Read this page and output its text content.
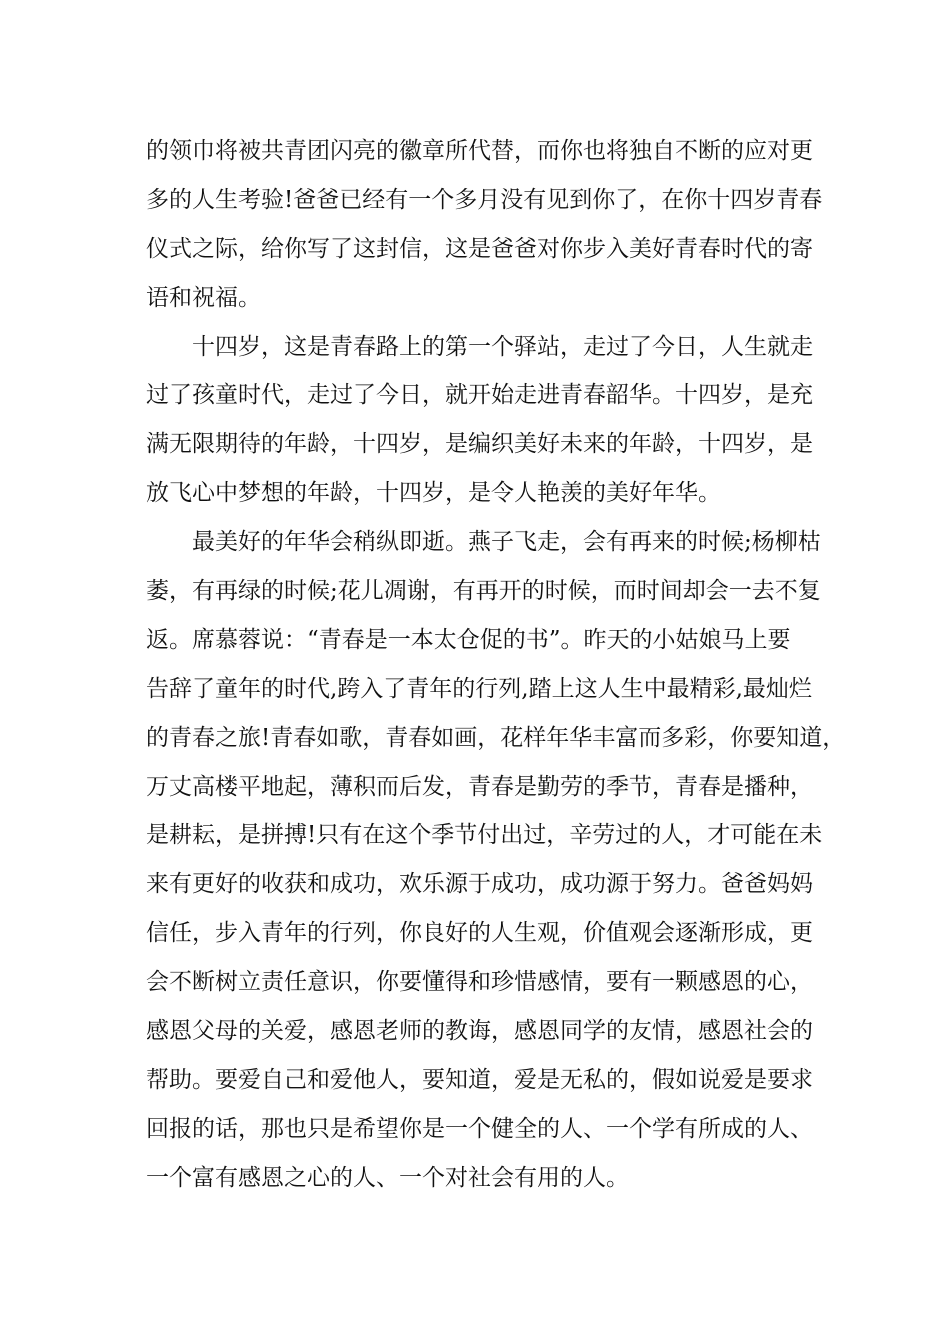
的领巾将被共青团闪亮的徽章所代替，而你也将独自不断的应对更
多的人生考验!爸爸已经有一个多月没有见到你了，在你十四岁青春
仪式之际，给你写了这封信，这是爸爸对你步入美好青春时代的寄
语和祝福。
十四岁，这是青春路上的第一个驿站，走过了今日，人生就走
过了孩童时代，走过了今日，就开始走进青春韶华。十四岁，是充
满无限期待的年龄，十四岁，是编织美好未来的年龄，十四岁，是
放飞心中梦想的年龄，十四岁，是令人艳羡的美好年华。
最美好的年华会稍纵即逝。燕子飞走，会有再来的时候;杨柳枯
萎，有再绿的时候;花儿凋谢，有再开的时候，而时间却会一去不复
返。席慕蓉说：“青春是一本太仓促的书”。昨天的小姑娘马上要
告辞了童年的时代,跨入了青年的行列,踏上这人生中最精彩,最灿烂
的青春之旅!青春如歌，青春如画，花样年华丰富而多彩，你要知道，
万丈高楼平地起，薄积而后发，青春是勤劳的季节，青春是播种，
是耕耘，是拼搏!只有在这个季节付出过，辛劳过的人，才可能在未
来有更好的收获和成功，欢乐源于成功，成功源于努力。爸爸妈妈
信任，步入青年的行列，你良好的人生观，价值观会逐渐形成，更
会不断树立责任意识，你要懂得和珍惜感情，要有一颗感恩的心，
感恩父母的关爱，感恩老师的教诲，感恩同学的友情，感恩社会的
帮助。要爱自己和爱他人，要知道，爱是无私的，假如说爱是要求
回报的话，那也只是希望你是一个健全的人、一个学有所成的人、
一个富有感恩之心的人、一个对社会有用的人。
